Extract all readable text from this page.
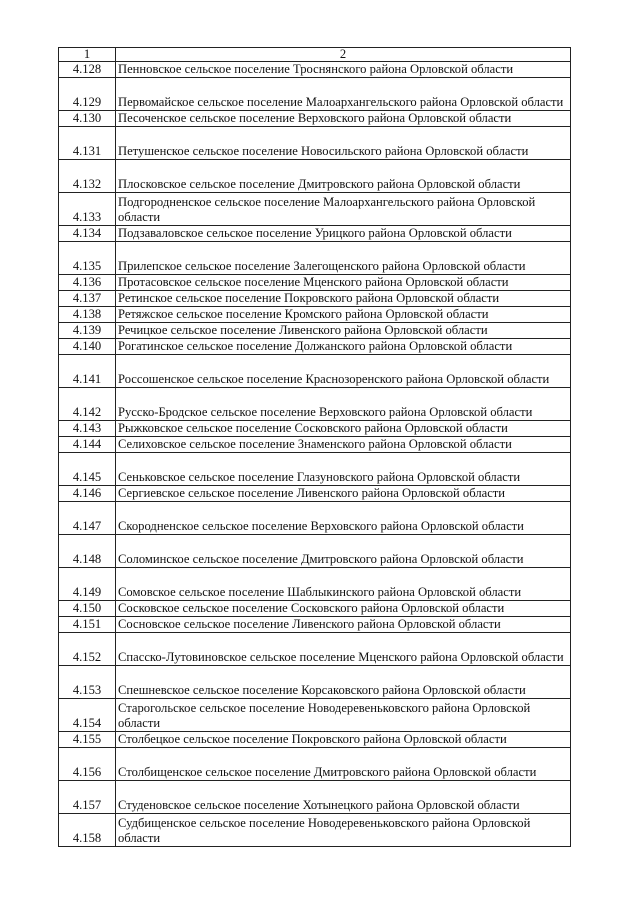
1	2
4.128	Пенновское сельское поселение Троснянского района Орловской области
4.129	Первомайское сельское поселение Малоархангельского района Орловской области
4.130	Песоченское сельское поселение Верховского района Орловской области
4.131	Петушенское сельское поселение Новосильского района Орловской области
4.132	Плосковское сельское поселение Дмитровского района Орловской области
4.133	Подгородненское сельское поселение Малоархангельского района Орловской области
4.134	Подзаваловское сельское поселение Урицкого района Орловской области
4.135	Прилепское сельское поселение Залегощенского района Орловской области
4.136	Протасовское сельское поселение Мценского района Орловской области
4.137	Ретинское сельское поселение Покровского района Орловской области
4.138	Ретяжское сельское поселение Кромского района Орловской области
4.139	Речицкое сельское поселение Ливенского района Орловской области
4.140	Рогатинское сельское поселение Должанского района Орловской области
4.141	Россошенское сельское поселение Краснозоренского района Орловской области
4.142	Русско-Бродское сельское поселение Верховского района Орловской области
4.143	Рыжковское сельское поселение Сосковского района Орловской области
4.144	Селиховское сельское поселение Знаменского района Орловской области
4.145	Сеньковское сельское поселение Глазуновского района Орловской области
4.146	Сергиевское сельское поселение Ливенского района Орловской области
4.147	Скородненское сельское поселение Верховского района Орловской области
4.148	Соломинское сельское поселение Дмитровского района Орловской области
4.149	Сомовское сельское поселение Шаблыкинского района Орловской области
4.150	Сосковское сельское поселение Сосковского района Орловской области
4.151	Сосновское сельское поселение Ливенского района Орловской области
4.152	Спасско-Лутовиновское сельское поселение Мценского района Орловской области
4.153	Спешневское сельское поселение Корсаковского района Орловской области
4.154	Старогольское сельское поселение Новодеревеньковского района Орловской области
4.155	Столбецкое сельское поселение Покровского района Орловской области
4.156	Столбищенское сельское поселение Дмитровского района Орловской области
4.157	Студеновское сельское поселение Хотынецкого района Орловской области
4.158	Судбищенское сельское поселение Новодеревеньковского района Орловской области
